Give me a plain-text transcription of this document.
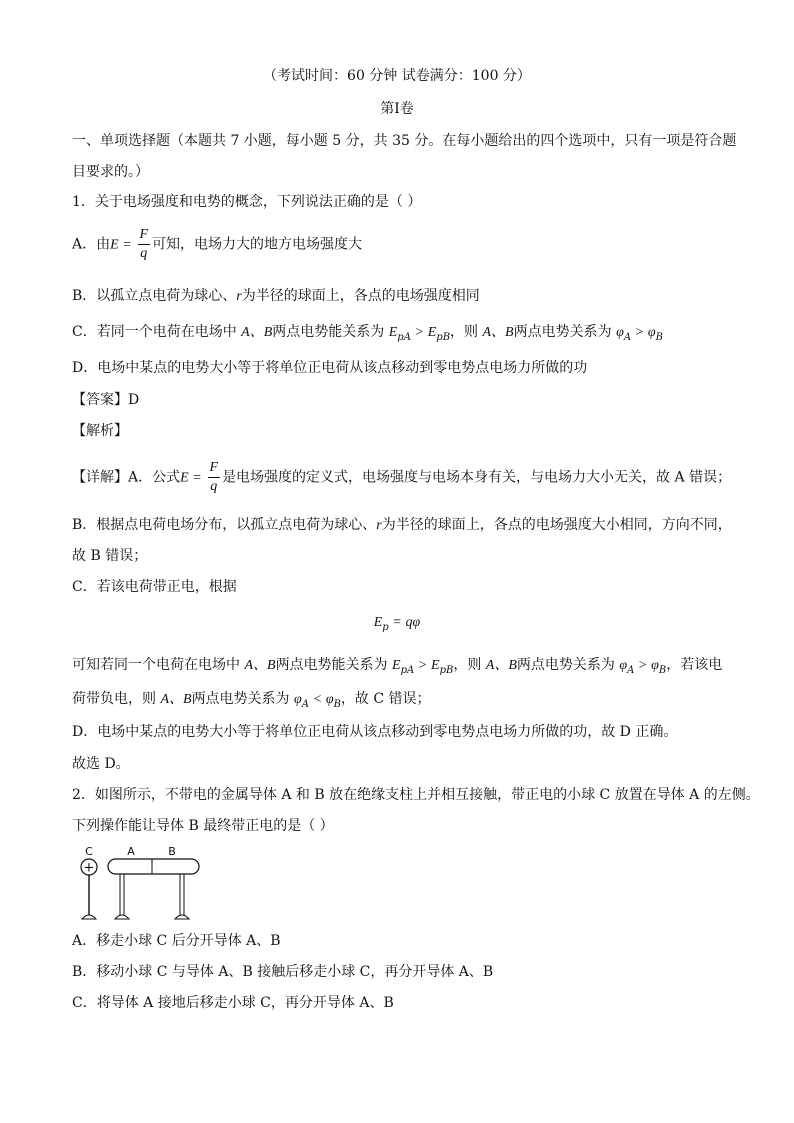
（考试时间：60 分钟 试卷满分：100 分）
第Ⅰ卷
一、单项选择题（本题共 7 小题，每小题 5 分，共 35 分。在每小题给出的四个选项中，只有一项是符合题
目要求的。）
1．关于电场强度和电势的概念，下列说法正确的是（ ）
A．由$E = \frac{F}{q}$ 可知，电场力大的地方电场强度大
B．以孤立点电荷为球心、r为半径的球面上，各点的电场强度相同
C．若同一个电荷在电场中 A、B两点电势能关系为 $E_{pA} > E_{pB}$，则 A、B两点电势关系为 $\varphi_A > \varphi_B$
D．电场中某点的电势大小等于将单位正电荷从该点移动到零电势点电场力所做的功
【答案】D
【解析】
【详解】A．公式$E = \frac{F}{q}$ 是电场强度的定义式，电场强度与电场本身有关，与电场力大小无关，故 A 错误；
B．根据点电荷电场分布，以孤立点电荷为球心、r为半径的球面上，各点的电场强度大小相同，方向不同，
故 B 错误；
C．若该电荷带正电，根据
$E_p = q\varphi$
可知若同一个电荷在电场中 A、B两点电势能关系为 $E_{pA} > E_{pB}$，则 A、B两点电势关系为 $\varphi_A > \varphi_B$，若该电
荷带负电，则 A、B两点电势关系为 $\varphi_A < \varphi_B$，故 C 错误；
D．电场中某点的电势大小等于将单位正电荷从该点移动到零电势点电场力所做的功，故 D 正确。
故选 D。
2．如图所示，不带电的金属导体 A 和 B 放在绝缘支柱上并相互接触，带正电的小球 C 放置在导体 A 的左侧。
下列操作能让导体 B 最终带正电的是（ ）
C	A	B
+
A．移走小球 C 后分开导体 A、B
B．移动小球 C 与导体 A、B 接触后移走小球 C，再分开导体 A、B
C．将导体 A 接地后移走小球 C，再分开导体 A、B
